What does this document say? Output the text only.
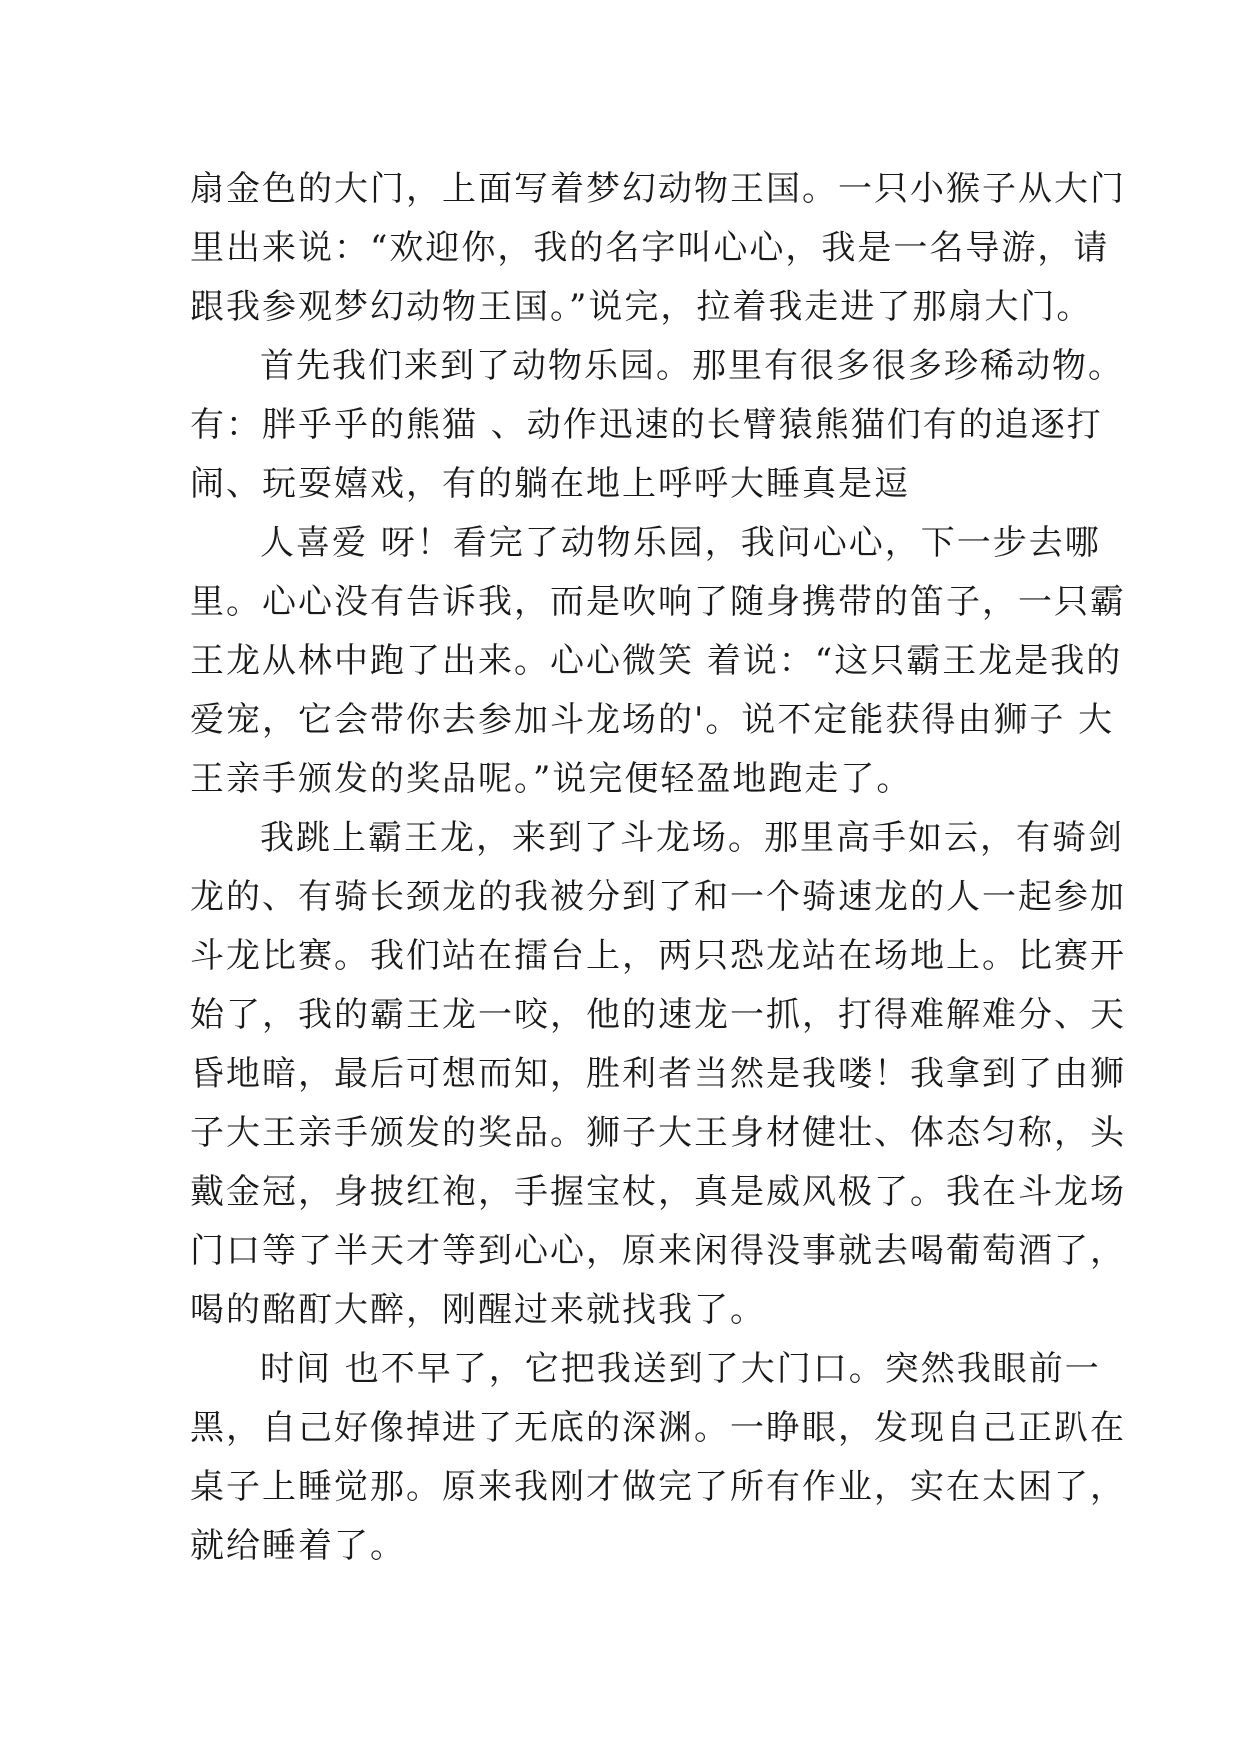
扇金色的大门，上面写着梦幻动物王国。一只小猴子从大门
里出来说：“欢迎你，我的名字叫心心，我是一名导游，请
跟我参观梦幻动物王国。”说完，拉着我走进了那扇大门。
首先我们来到了动物乐园。那里有很多很多珍稀动物。
有：胖乎乎的熊猫 、动作迅速的长臂猿熊猫们有的追逐打
闹、玩耍嬉戏，有的躺在地上呼呼大睡真是逗
人喜爱 呀！看完了动物乐园，我问心心，下一步去哪
里。心心没有告诉我，而是吹响了随身携带的笛子，一只霸
王龙从林中跑了出来。心心微笑 着说：“这只霸王龙是我的
爱宠，它会带你去参加斗龙场的'。说不定能获得由狮子 大
王亲手颁发的奖品呢。”说完便轻盈地跑走了。
我跳上霸王龙，来到了斗龙场。那里高手如云，有骑剑
龙的、有骑长颈龙的我被分到了和一个骑速龙的人一起参加
斗龙比赛。我们站在擂台上，两只恐龙站在场地上。比赛开
始了，我的霸王龙一咬，他的速龙一抓，打得难解难分、天
昏地暗，最后可想而知，胜利者当然是我喽！我拿到了由狮
子大王亲手颁发的奖品。狮子大王身材健壮、体态匀称，头
戴金冠，身披红袍，手握宝杖，真是威风极了。我在斗龙场
门口等了半天才等到心心，原来闲得没事就去喝葡萄酒了，
喝的酩酊大醉，刚醒过来就找我了。
时间 也不早了，它把我送到了大门口。突然我眼前一
黑，自己好像掉进了无底的深渊。一睁眼，发现自己正趴在
桌子上睡觉那。原来我刚才做完了所有作业，实在太困了，
就给睡着了。
